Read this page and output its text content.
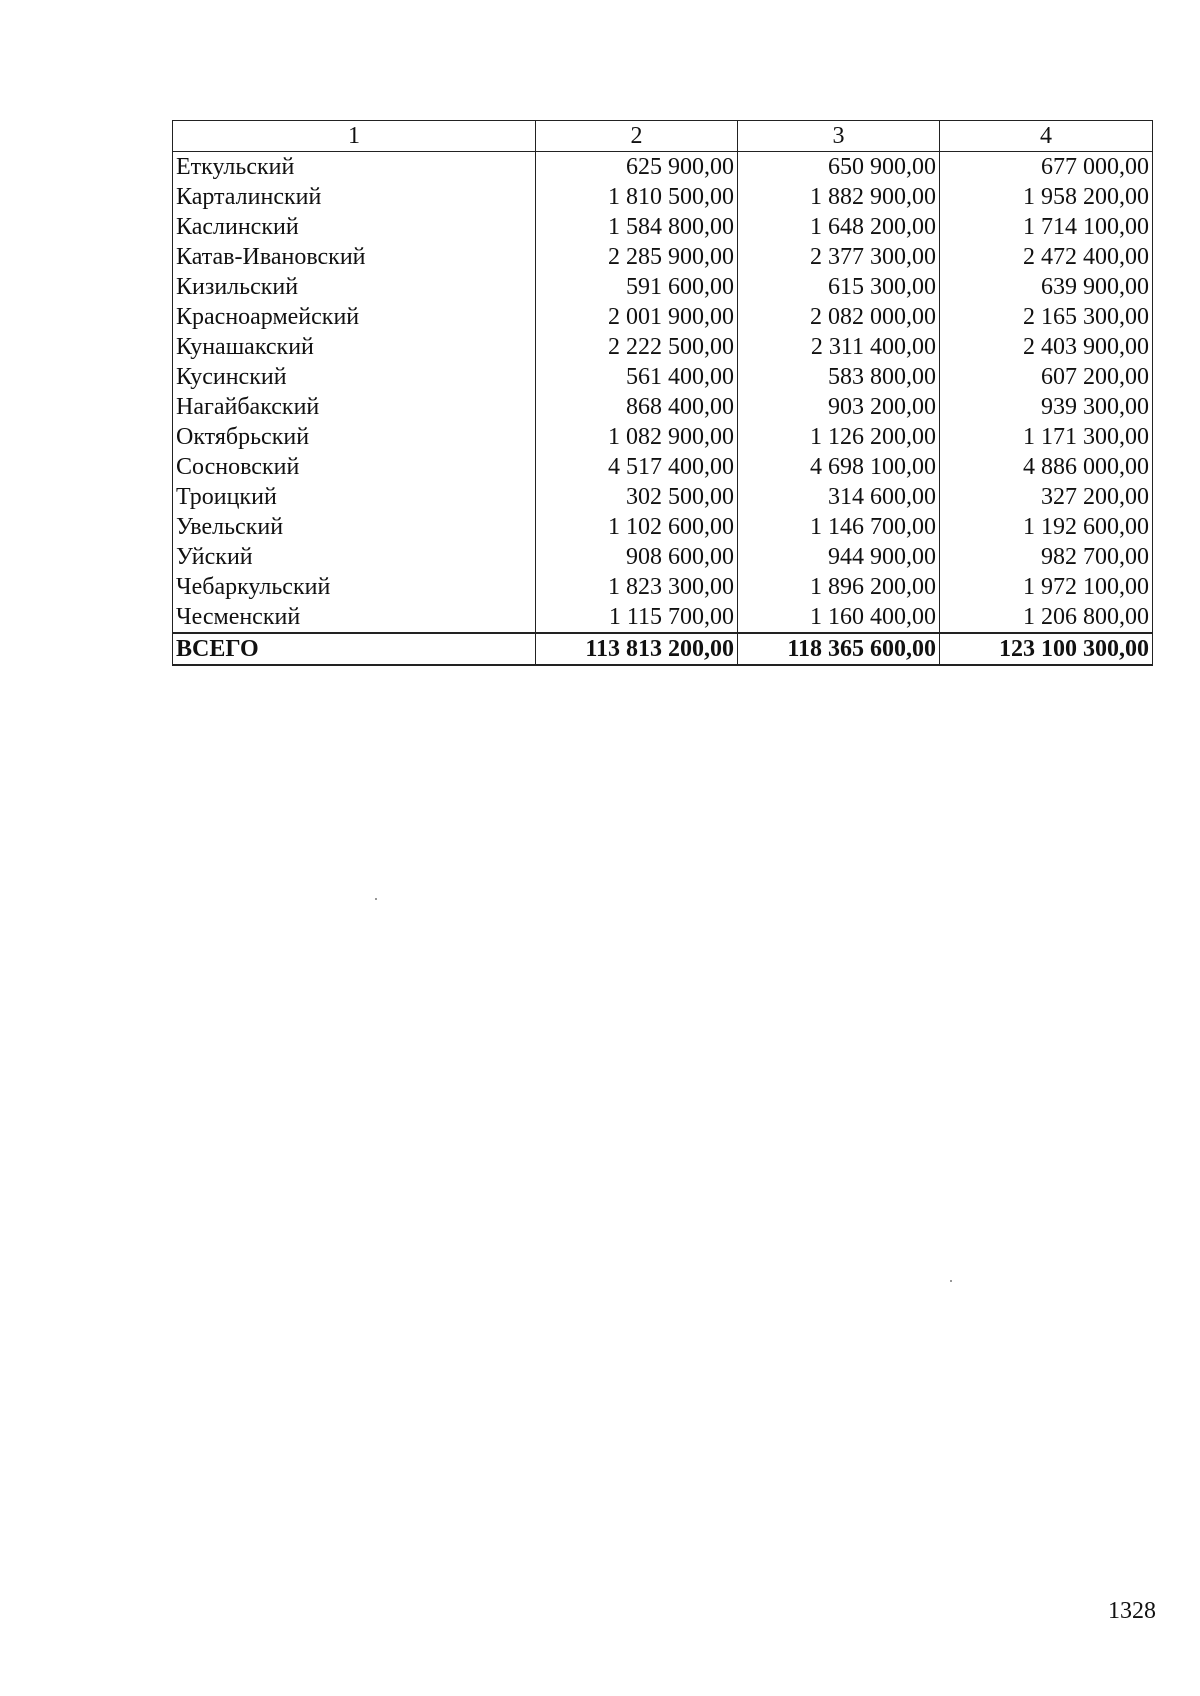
1	2	3	4
Еткульский	625 900,00	650 900,00	677 000,00
Карталинский	1 810 500,00	1 882 900,00	1 958 200,00
Каслинский	1 584 800,00	1 648 200,00	1 714 100,00
Катав-Ивановский	2 285 900,00	2 377 300,00	2 472 400,00
Кизильский	591 600,00	615 300,00	639 900,00
Красноармейский	2 001 900,00	2 082 000,00	2 165 300,00
Кунашакский	2 222 500,00	2 311 400,00	2 403 900,00
Кусинский	561 400,00	583 800,00	607 200,00
Нагайбакский	868 400,00	903 200,00	939 300,00
Октябрьский	1 082 900,00	1 126 200,00	1 171 300,00
Сосновский	4 517 400,00	4 698 100,00	4 886 000,00
Троицкий	302 500,00	314 600,00	327 200,00
Увельский	1 102 600,00	1 146 700,00	1 192 600,00
Уйский	908 600,00	944 900,00	982 700,00
Чебаркульский	1 823 300,00	1 896 200,00	1 972 100,00
Чесменский	1 115 700,00	1 160 400,00	1 206 800,00
ВСЕГО	113 813 200,00	118 365 600,00	123 100 300,00
1328
